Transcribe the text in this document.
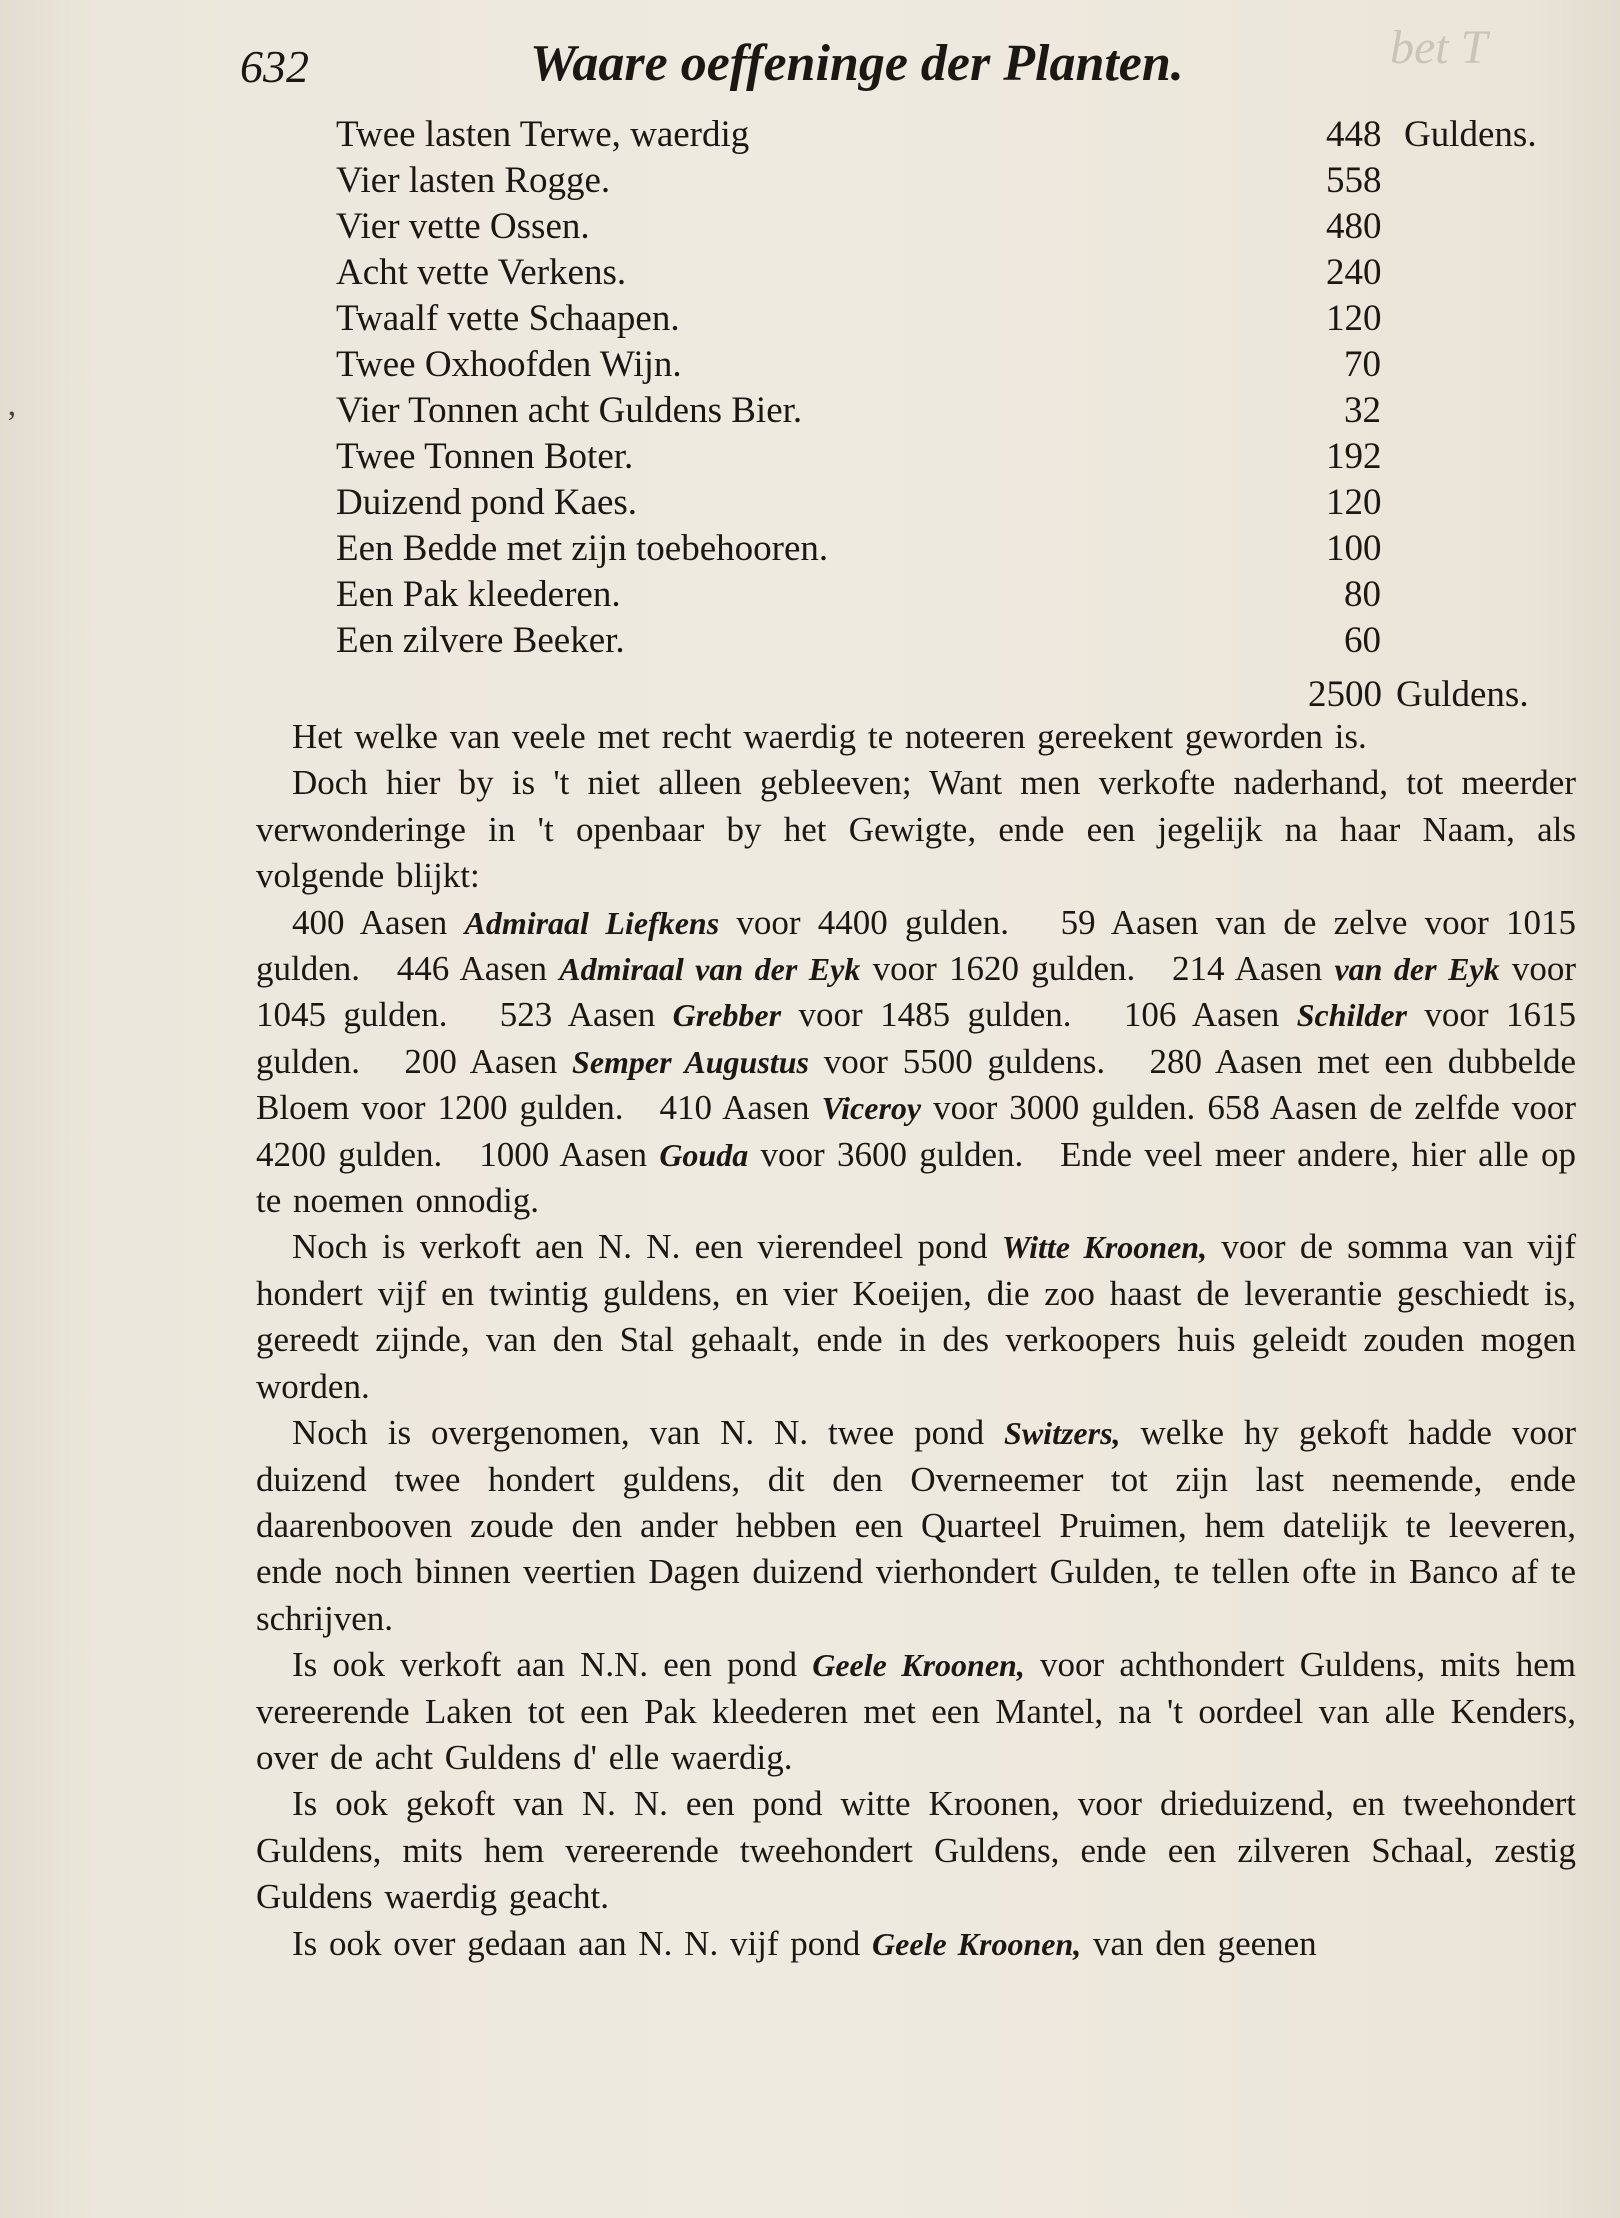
bet T
ʼ
632	Waare oeffeninge der Planten.
Twee lasten Terwe, waerdig	448 Guldens.
Vier lasten Rogge.	558
Vier vette Ossen.	480
Acht vette Verkens.	240
Twaalf vette Schaapen.	120
Twee Oxhoofden Wijn.	70
Vier Tonnen acht Guldens Bier.	32
Twee Tonnen Boter.	192
Duizend pond Kaes.	120
Een Bedde met zijn toebehooren.	100
Een Pak kleederen.	80
Een zilvere Beeker.	60
2500 Guldens.

Het welke van veele met recht waerdig te noteeren gereekent geworden is.

Doch hier by is 't niet alleen gebleeven; Want men verkofte naderhand, tot meerder verwonderinge in 't openbaar by het Gewigte, ende een jegelijk na haar Naam, als volgende blijkt:

400 Aasen Admiraal Liefkens voor 4400 gulden. 59 Aasen van de zelve voor 1015 gulden. 446 Aasen Admiraal van der Eyk voor 1620 gulden. 214 Aasen van der Eyk voor 1045 gulden. 523 Aasen Grebber voor 1485 gulden. 106 Aasen Schilder voor 1615 gulden. 200 Aasen Semper Augustus voor 5500 guldens. 280 Aasen met een dubbelde Bloem voor 1200 gulden. 410 Aasen Viceroy voor 3000 gulden. 658 Aasen de zelfde voor 4200 gulden. 1000 Aasen Gouda voor 3600 gulden. Ende veel meer andere, hier alle op te noemen onnodig.

Noch is verkoft aen N. N. een vierendeel pond Witte Kroonen, voor de somma van vijf hondert vijf en twintig guldens, en vier Koeijen, die zoo haast de leverantie geschiedt is, gereedt zijnde, van den Stal gehaalt, ende in des verkoopers huis geleidt zouden mogen worden.

Noch is overgenomen, van N. N. twee pond Switzers, welke hy gekoft hadde voor duizend twee hondert guldens, dit den Overneemer tot zijn last neemende, ende daarenbooven zoude den ander hebben een Quarteel Pruimen, hem datelijk te leeveren, ende noch binnen veertien Dagen duizend vierhondert Gulden, te tellen ofte in Banco af te schrijven.

Is ook verkoft aan N.N. een pond Geele Kroonen, voor achthondert Guldens, mits hem vereerende Laken tot een Pak kleederen met een Mantel, na 't oordeel van alle Kenders, over de acht Guldens d' elle waerdig.

Is ook gekoft van N. N. een pond witte Kroonen, voor drieduizend, en tweehondert Guldens, mits hem vereerende tweehondert Guldens, ende een zilveren Schaal, zestig Guldens waerdig geacht.

Is ook over gedaan aan N. N. vijf pond Geele Kroonen, van den geenen
